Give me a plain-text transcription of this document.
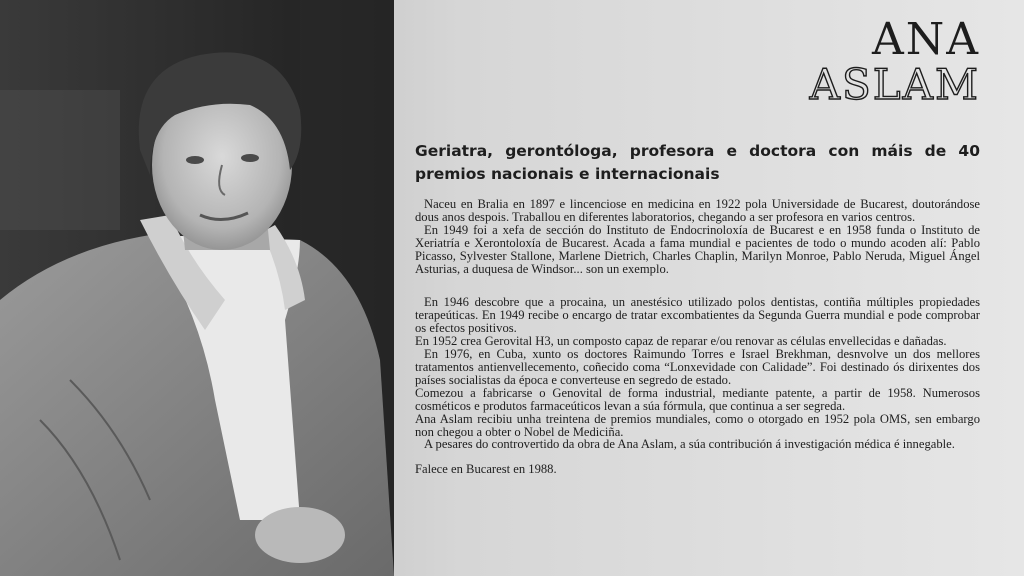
ANA
ASLAM
Geriatra, gerontóloga, profesora e doctora con máis de 40 premios nacionais e internacionais

Naceu en Bralia en 1897 e lincenciose en medicina en 1922 pola Universidade de Bucarest, doutorándose dous anos despois. Traballou en diferentes laboratorios, chegando a ser profesora en varios centros.

En 1949 foi a xefa de sección do Instituto de Endocrinoloxía de Bucarest e en 1958 funda o Instituto de Xeriatría e Xerontoloxía de Bucarest. Acada a fama mundial e pacientes de todo o mundo acoden alí: Pablo Picasso, Sylvester Stallone, Marlene Dietrich, Charles Chaplin, Marilyn Monroe, Pablo Neruda, Miguel Ángel Asturias, a duquesa de Windsor... son un exemplo.

En 1946 descobre que a procaina, un anestésico utilizado polos dentistas, contiña múltiples propiedades terapeúticas. En 1949 recibe o encargo de tratar excombatientes da Segunda Guerra mundial e pode comprobar os efectos positivos.

En 1952 crea Gerovital H3, un composto capaz de reparar e/ou renovar as células envellecidas e dañadas.

En 1976, en Cuba, xunto os doctores Raimundo Torres e Israel Brekhman, desnvolve un dos mellores tratamentos antienvellecemento, coñecido coma “Lonxevidade con Calidade”. Foi destinado ós dirixentes dos países socialistas da época e converteuse en segredo de estado.

Comezou a fabricarse o Genovital de forma industrial, mediante patente, a partir de 1958. Numerosos cosméticos e produtos farmaceúticos levan a súa fórmula, que continua a ser segreda.

Ana Aslam recibiu unha treintena de premios mundiales, como o otorgado en 1952 pola OMS, sen embargo non chegou a obter o Nobel de Mediciña.

A pesares do controvertido da obra de Ana Aslam, a súa contribución á investigación médica é innegable.

Falece en Bucarest en 1988.
